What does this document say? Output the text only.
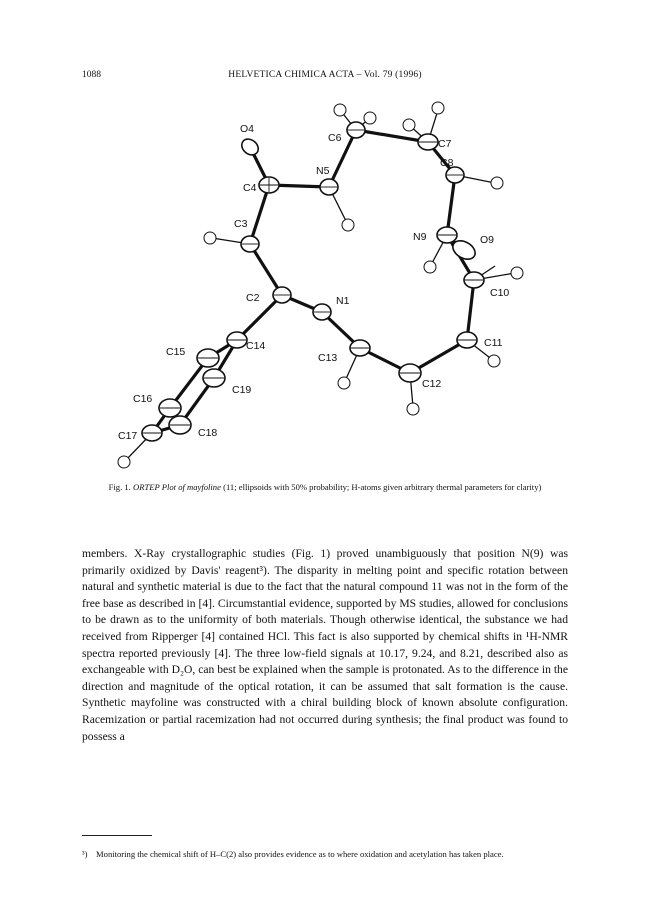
1088	HELVETICA CHIMICA ACTA – Vol. 79 (1996)
O4
C6	C7
N5
C4
C8
C3
N9	O9
C10
C2	N1
C11
C15	C14
C13
C12
C19
C16
C17	C18
Fig. 1. ORTEP Plot of mayfoline (11; ellipsoids with 50% probability; H-atoms given arbitrary thermal parameters for clarity)

members. X-Ray crystallographic studies (Fig. 1) proved unambiguously that position N(9) was primarily oxidized by Davis' reagent³). The disparity in melting point and specific rotation between natural and synthetic material is due to the fact that the natural compound 11 was not in the form of the free base as described in [4]. Circumstantial evidence, supported by MS studies, allowed for conclusions to be drawn as to the uniformity of both materials. Though otherwise identical, the substance we had received from Ripperger [4] contained HCl. This fact is also supported by chemical shifts in ¹H-NMR spectra reported previously [4]. The three low-field signals at 10.17, 9.24, and 8.21, described also as exchangeable with D₂O, can best be explained when the sample is protonated. As to the difference in the direction and magnitude of the optical rotation, it can be assumed that salt formation is the cause. Synthetic mayfoline was constructed with a chiral building block of known absolute configuration. Racemization or partial racemization had not occurred during synthesis; the final product was found to possess a

³) Monitoring the chemical shift of H–C(2) also provides evidence as to where oxidation and acetylation has taken place.
